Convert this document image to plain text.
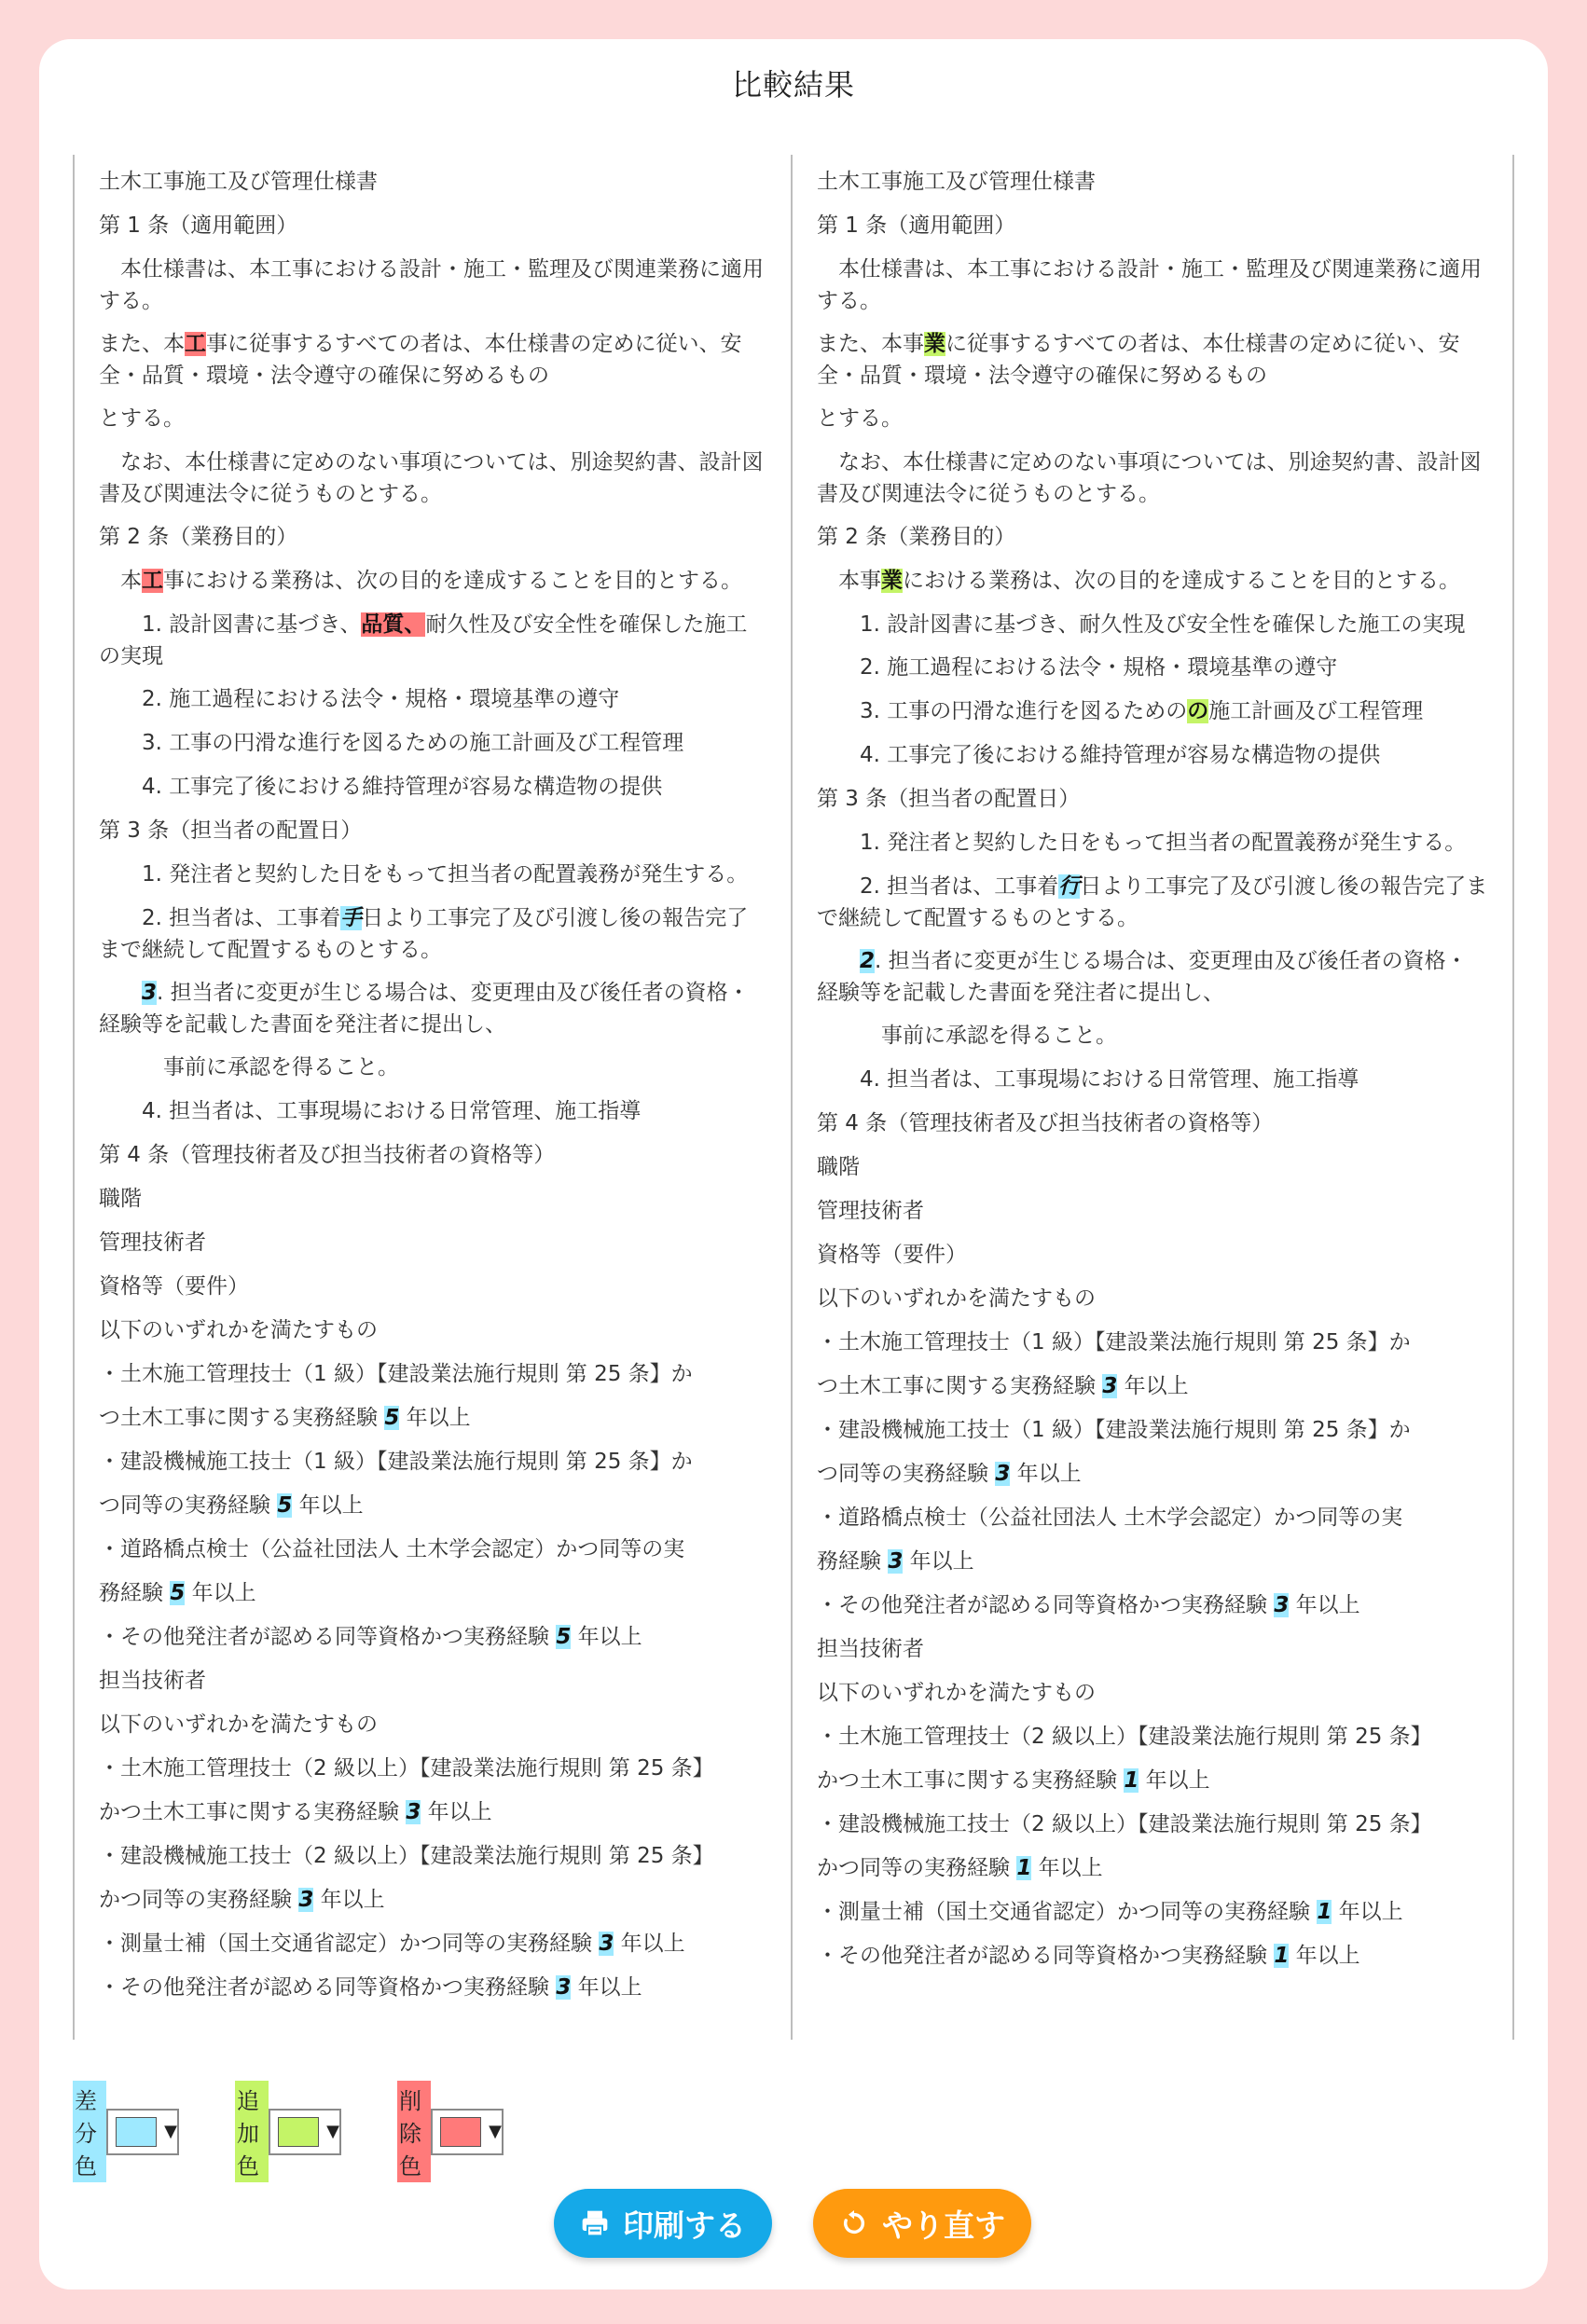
比較結果
土木工事施工及び管理仕様書
第 1 条（適用範囲）
　本仕様書は、本工事における設計・施工・監理及び関連業務に適用する。
また、本工事に従事するすべての者は、本仕様書の定めに従い、安全・品質・環境・法令遵守の確保に努めるもの
とする。
　なお、本仕様書に定めのない事項については、別途契約書、設計図書及び関連法令に従うものとする。
第 2 条（業務目的）
　本工事における業務は、次の目的を達成することを目的とする。
　　1. 設計図書に基づき、品質、耐久性及び安全性を確保した施工の実現
　　2. 施工過程における法令・規格・環境基準の遵守
　　3. 工事の円滑な進行を図るための施工計画及び工程管理
　　4. 工事完了後における維持管理が容易な構造物の提供
第 3 条（担当者の配置日）
　　1. 発注者と契約した日をもって担当者の配置義務が発生する。
　　2. 担当者は、工事着手日より工事完了及び引渡し後の報告完了まで継続して配置するものとする。
　　3. 担当者に変更が生じる場合は、変更理由及び後任者の資格・経験等を記載した書面を発注者に提出し、
　　　事前に承認を得ること。
　　4. 担当者は、工事現場における日常管理、施工指導
第 4 条（管理技術者及び担当技術者の資格等）
職階
管理技術者
資格等（要件）
以下のいずれかを満たすもの
・土木施工管理技士（1 級）【建設業法施行規則 第 25 条】か
つ土木工事に関する実務経験 5 年以上
・建設機械施工技士（1 級）【建設業法施行規則 第 25 条】か
つ同等の実務経験 5 年以上
・道路橋点検士（公益社団法人 土木学会認定）かつ同等の実
務経験 5 年以上
・その他発注者が認める同等資格かつ実務経験 5 年以上
担当技術者
以下のいずれかを満たすもの
・土木施工管理技士（2 級以上）【建設業法施行規則 第 25 条】
かつ土木工事に関する実務経験 3 年以上
・建設機械施工技士（2 級以上）【建設業法施行規則 第 25 条】
かつ同等の実務経験 3 年以上
・測量士補（国土交通省認定）かつ同等の実務経験 3 年以上
・その他発注者が認める同等資格かつ実務経験 3 年以上
土木工事施工及び管理仕様書
第 1 条（適用範囲）
　本仕様書は、本工事における設計・施工・監理及び関連業務に適用する。
また、本事業に従事するすべての者は、本仕様書の定めに従い、安全・品質・環境・法令遵守の確保に努めるもの
とする。
　なお、本仕様書に定めのない事項については、別途契約書、設計図書及び関連法令に従うものとする。
第 2 条（業務目的）
　本事業における業務は、次の目的を達成することを目的とする。
　　1. 設計図書に基づき、耐久性及び安全性を確保した施工の実現

　　2. 施工過程における法令・規格・環境基準の遵守
　　3. 工事の円滑な進行を図るためのの施工計画及び工程管理
　　4. 工事完了後における維持管理が容易な構造物の提供
第 3 条（担当者の配置日）
　　1. 発注者と契約した日をもって担当者の配置義務が発生する。
　　2. 担当者は、工事着行日より工事完了及び引渡し後の報告完了まで継続して配置するものとする。
　　2. 担当者に変更が生じる場合は、変更理由及び後任者の資格・経験等を記載した書面を発注者に提出し、
　　　事前に承認を得ること。
　　4. 担当者は、工事現場における日常管理、施工指導
第 4 条（管理技術者及び担当技術者の資格等）
職階
管理技術者
資格等（要件）
以下のいずれかを満たすもの
・土木施工管理技士（1 級）【建設業法施行規則 第 25 条】か
つ土木工事に関する実務経験 3 年以上
・建設機械施工技士（1 級）【建設業法施行規則 第 25 条】か
つ同等の実務経験 3 年以上
・道路橋点検士（公益社団法人 土木学会認定）かつ同等の実
務経験 3 年以上
・その他発注者が認める同等資格かつ実務経験 3 年以上
担当技術者
以下のいずれかを満たすもの
・土木施工管理技士（2 級以上）【建設業法施行規則 第 25 条】
かつ土木工事に関する実務経験 1 年以上
・建設機械施工技士（2 級以上）【建設業法施行規則 第 25 条】
かつ同等の実務経験 1 年以上
・測量士補（国土交通省認定）かつ同等の実務経験 1 年以上
・その他発注者が認める同等資格かつ実務経験 1 年以上
差分色
▼
追加色
▼
削除色
▼
印刷する	やり直す
